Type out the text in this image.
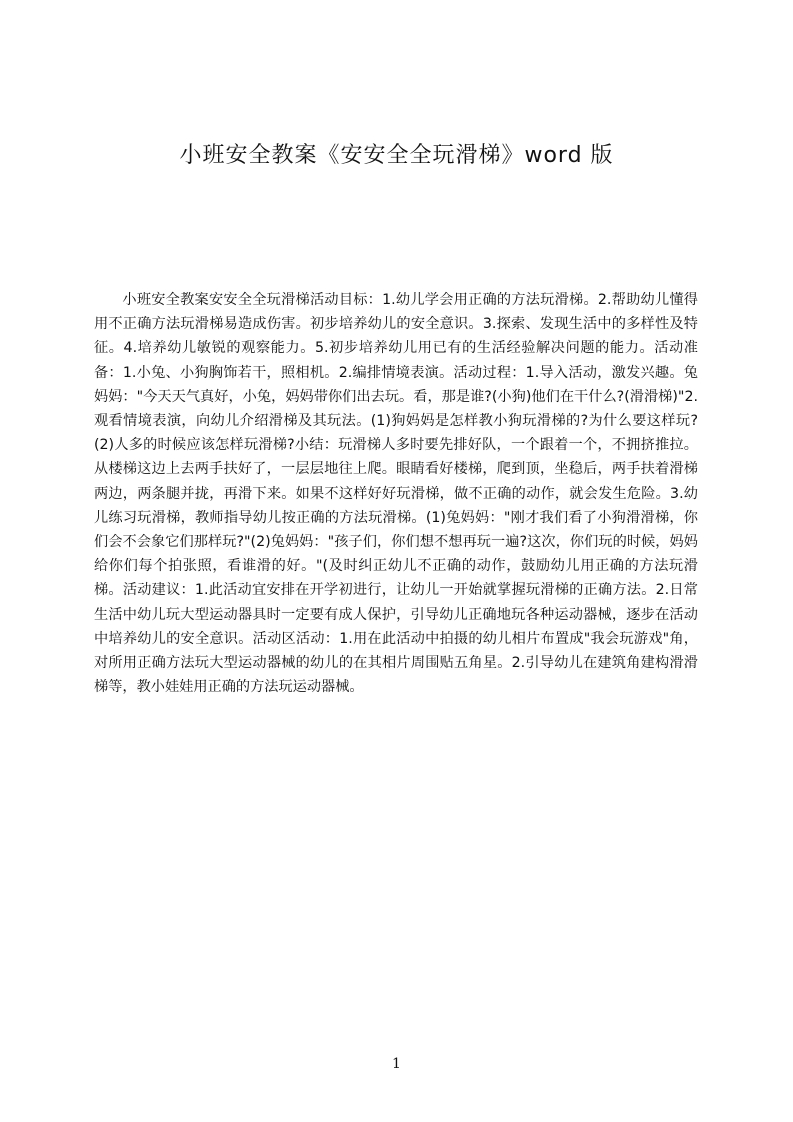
小班安全教案《安安全全玩滑梯》word 版

小班安全教案安安全全玩滑梯活动目标：1.幼儿学会用正确的方法玩滑梯。2.帮助幼儿懂得用不正确方法玩滑梯易造成伤害。初步培养幼儿的安全意识。3.探索、发现生活中的多样性及特征。4.培养幼儿敏锐的观察能力。5.初步培养幼儿用已有的生活经验解决问题的能力。活动准备：1.小兔、小狗胸饰若干，照相机。2.编排情境表演。活动过程：1.导入活动，激发兴趣。兔妈妈："今天天气真好，小兔，妈妈带你们出去玩。看，那是谁?(小狗)他们在干什么?(滑滑梯)"2.观看情境表演，向幼儿介绍滑梯及其玩法。(1)狗妈妈是怎样教小狗玩滑梯的?为什么要这样玩?(2)人多的时候应该怎样玩滑梯?小结：玩滑梯人多时要先排好队，一个跟着一个，不拥挤推拉。从楼梯这边上去两手扶好了，一层层地往上爬。眼睛看好楼梯，爬到顶，坐稳后，两手扶着滑梯两边，两条腿并拢，再滑下来。如果不这样好好玩滑梯，做不正确的动作，就会发生危险。3.幼儿练习玩滑梯，教师指导幼儿按正确的方法玩滑梯。(1)兔妈妈："刚才我们看了小狗滑滑梯，你们会不会象它们那样玩?"(2)兔妈妈："孩子们，你们想不想再玩一遍?这次，你们玩的时候，妈妈给你们每个拍张照，看谁滑的好。"(及时纠正幼儿不正确的动作，鼓励幼儿用正确的方法玩滑梯。活动建议：1.此活动宜安排在开学初进行，让幼儿一开始就掌握玩滑梯的正确方法。2.日常生活中幼儿玩大型运动器具时一定要有成人保护，引导幼儿正确地玩各种运动器械，逐步在活动中培养幼儿的安全意识。活动区活动：1.用在此活动中拍摄的幼儿相片布置成"我会玩游戏"角，对所用正确方法玩大型运动器械的幼儿的在其相片周围贴五角星。2.引导幼儿在建筑角建构滑滑梯等，教小娃娃用正确的方法玩运动器械。

1
